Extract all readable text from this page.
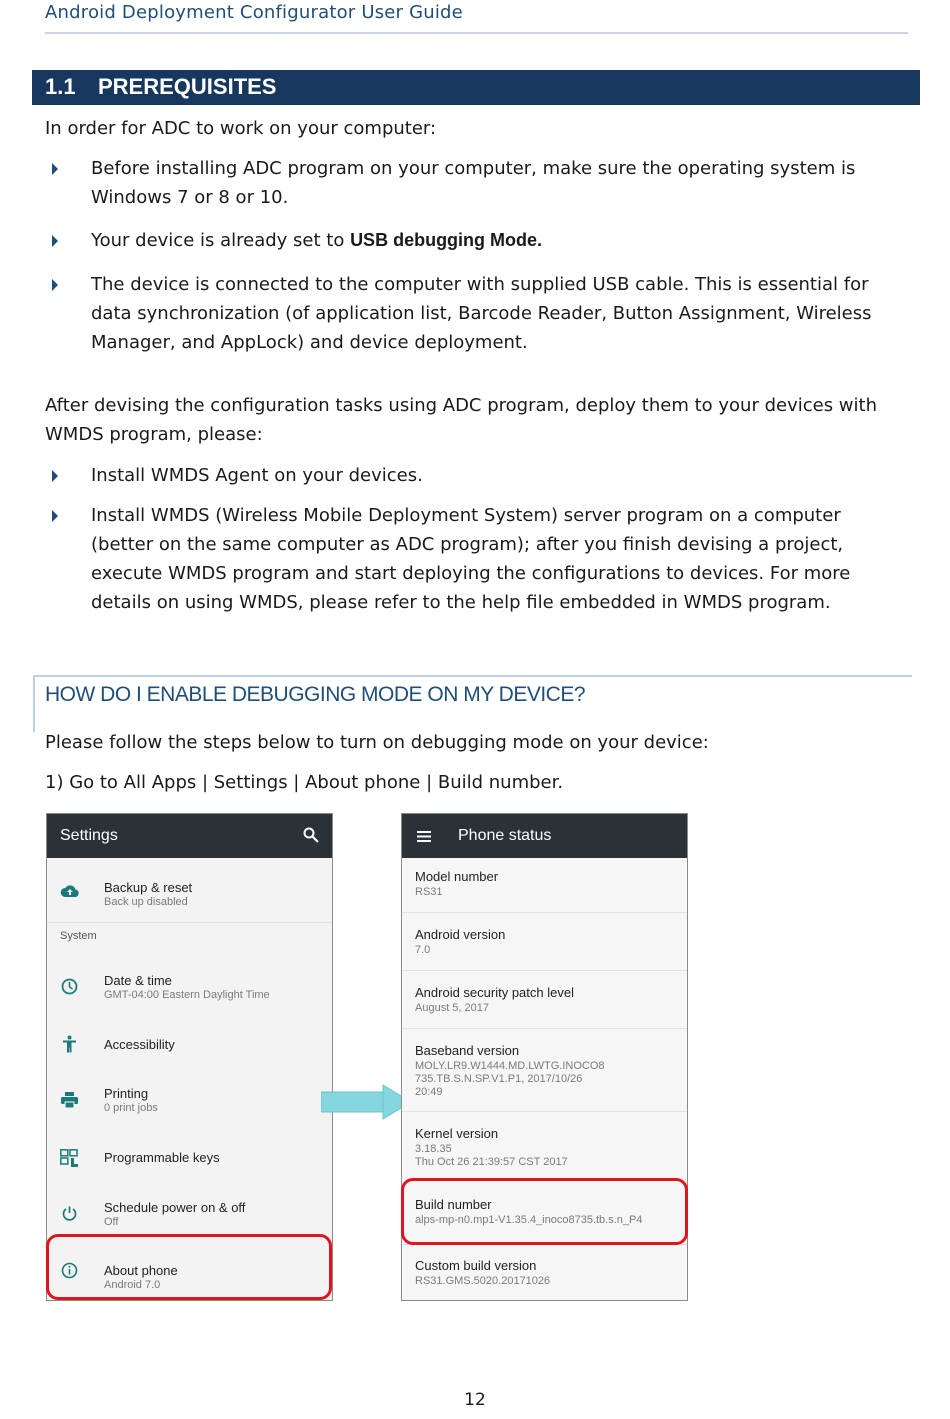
Android Deployment Configurator User Guide
1.1 PREREQUISITES
In order for ADC to work on your computer:
Before installing ADC program on your computer, make sure the operating system is Windows 7 or 8 or 10.
Your device is already set to USB debugging Mode.
The device is connected to the computer with supplied USB cable. This is essential for data synchronization (of application list, Barcode Reader, Button Assignment, Wireless Manager, and AppLock) and device deployment.
After devising the configuration tasks using ADC program, deploy them to your devices with WMDS program, please:
Install WMDS Agent on your devices.
Install WMDS (Wireless Mobile Deployment System) server program on a computer (better on the same computer as ADC program); after you finish devising a project, execute WMDS program and start deploying the configurations to devices. For more details on using WMDS, please refer to the help file embedded in WMDS program.
HOW DO I ENABLE DEBUGGING MODE ON MY DEVICE?
Please follow the steps below to turn on debugging mode on your device:
1) Go to All Apps | Settings | About phone | Build number.
Settings
Backup & reset
Back up disabled
System
Date & time
GMT-04:00 Eastern Daylight Time
Accessibility
Printing
0 print jobs
Programmable keys
Schedule power on & off
Off
About phone
Android 7.0
Phone status
Model number
RS31
Android version
7.0
Android security patch level
August 5, 2017
Baseband version
MOLY.LR9.W1444.MD.LWTG.INOCO8
735.TB.S.N.SP.V1.P1, 2017/10/26
20:49
Kernel version
3.18.35
Thu Oct 26 21:39:57 CST 2017
Build number
alps-mp-n0.mp1-V1.35.4_inoco8735.tb.s.n_P4
Custom build version
RS31.GMS.5020.20171026
12
